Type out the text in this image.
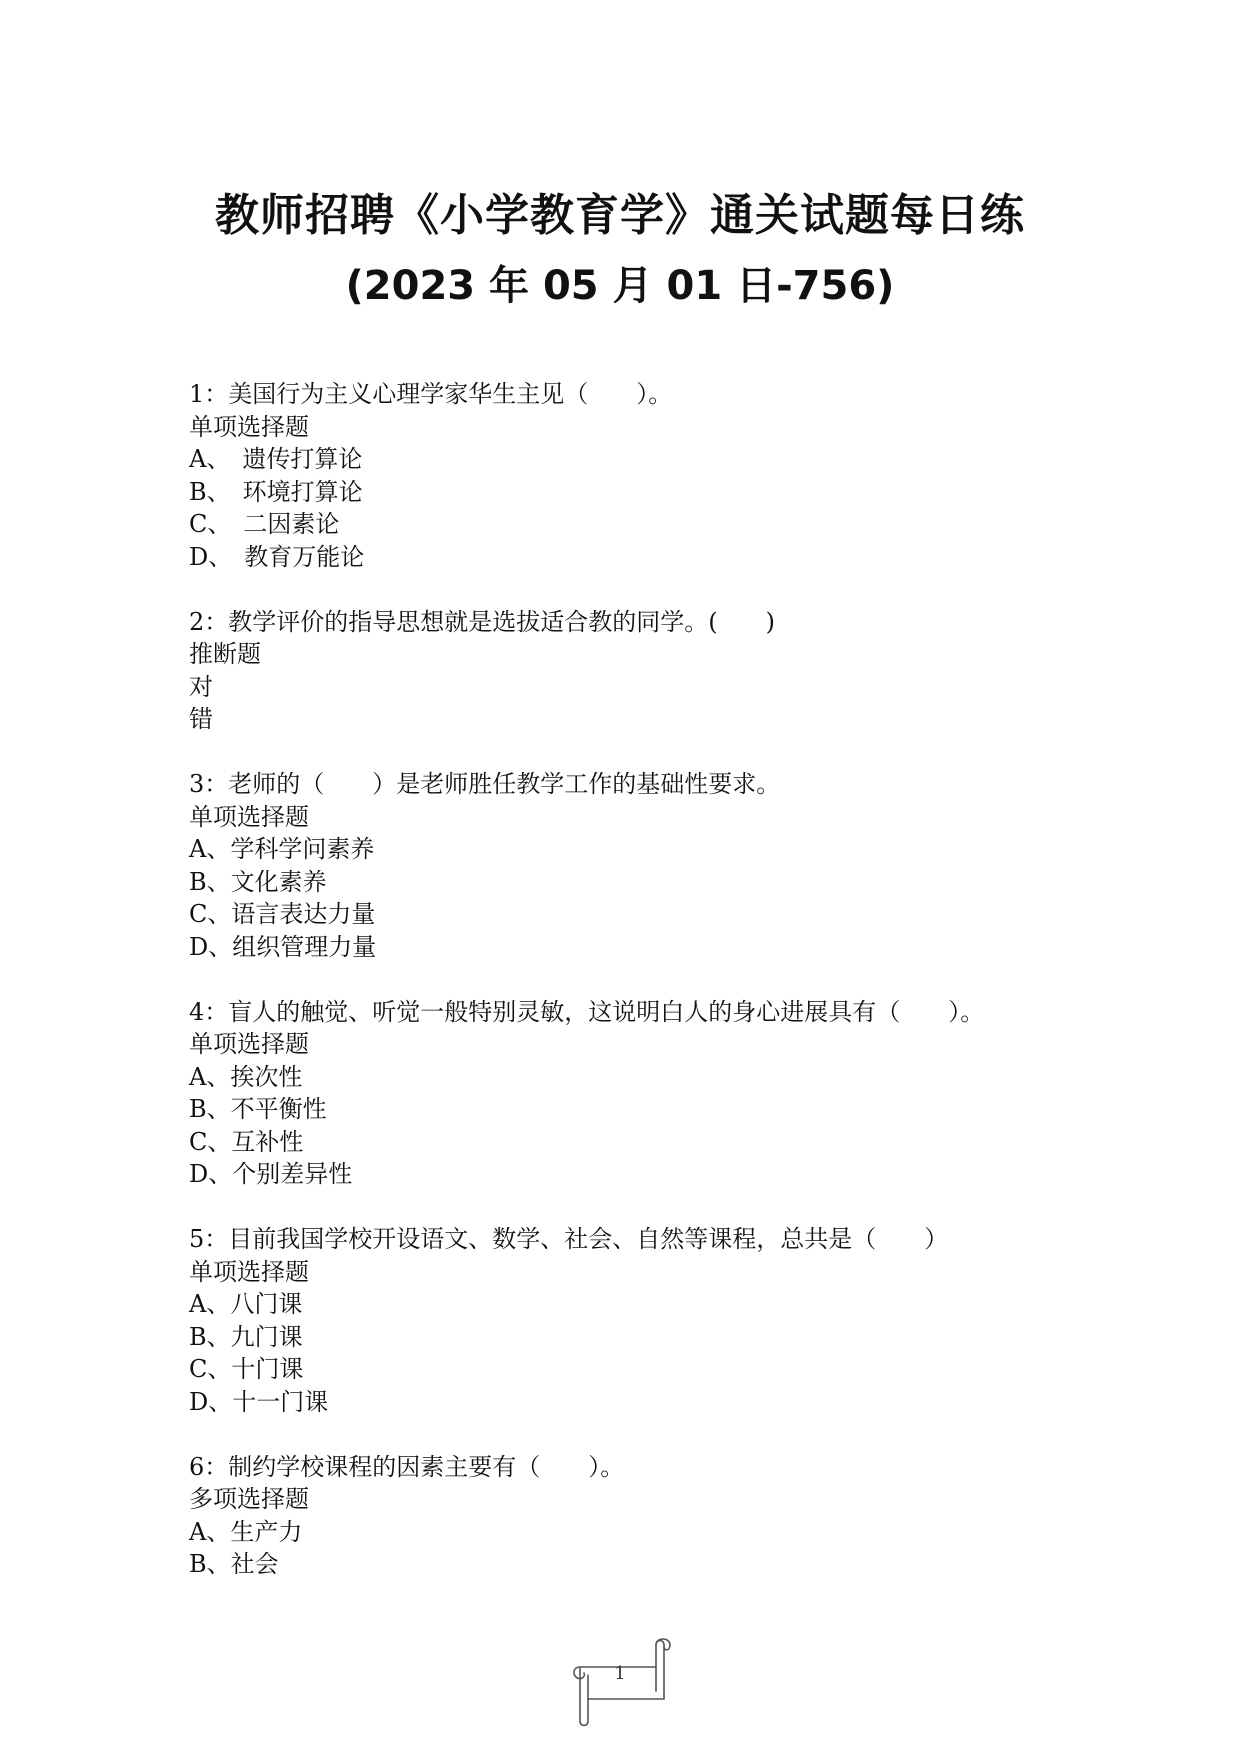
教师招聘《小学教育学》通关试题每日练
(2023 年 05 月 01 日-756)
1：美国行为主义心理学家华生主见（　　）。
单项选择题
A、　遗传打算论
B、　环境打算论
C、　二因素论
D、　教育万能论
2：教学评价的指导思想就是选拔适合教的同学。(　　)
推断题
对
错
3：老师的（　　）是老师胜任教学工作的基础性要求。
单项选择题
A、学科学问素养
B、文化素养
C、语言表达力量
D、组织管理力量
4：盲人的触觉、听觉一般特别灵敏，这说明白人的身心进展具有（　　）。
单项选择题
A、挨次性
B、不平衡性
C、互补性
D、个别差异性
5：目前我国学校开设语文、数学、社会、自然等课程，总共是（　　）
单项选择题
A、八门课
B、九门课
C、十门课
D、十一门课
6：制约学校课程的因素主要有（　　）。
多项选择题
A、生产力
B、社会
1
